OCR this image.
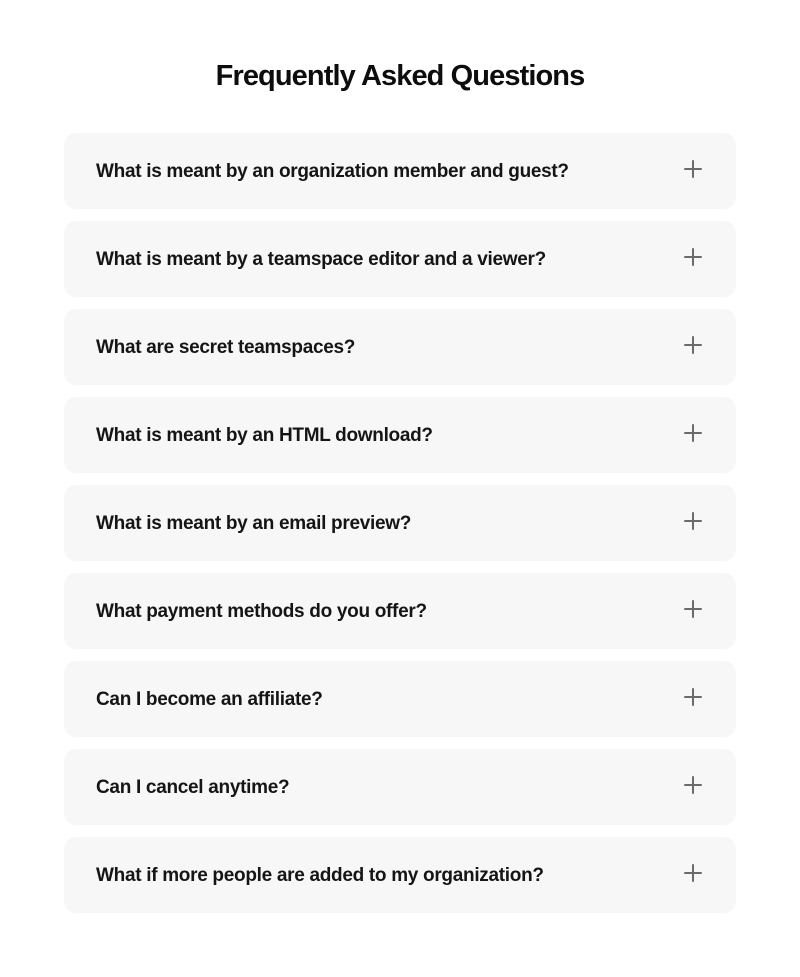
Frequently Asked Questions
What is meant by an organization member and guest?
What is meant by a teamspace editor and a viewer?
What are secret teamspaces?
What is meant by an HTML download?
What is meant by an email preview?
What payment methods do you offer?
Can I become an affiliate?
Can I cancel anytime?
What if more people are added to my organization?
